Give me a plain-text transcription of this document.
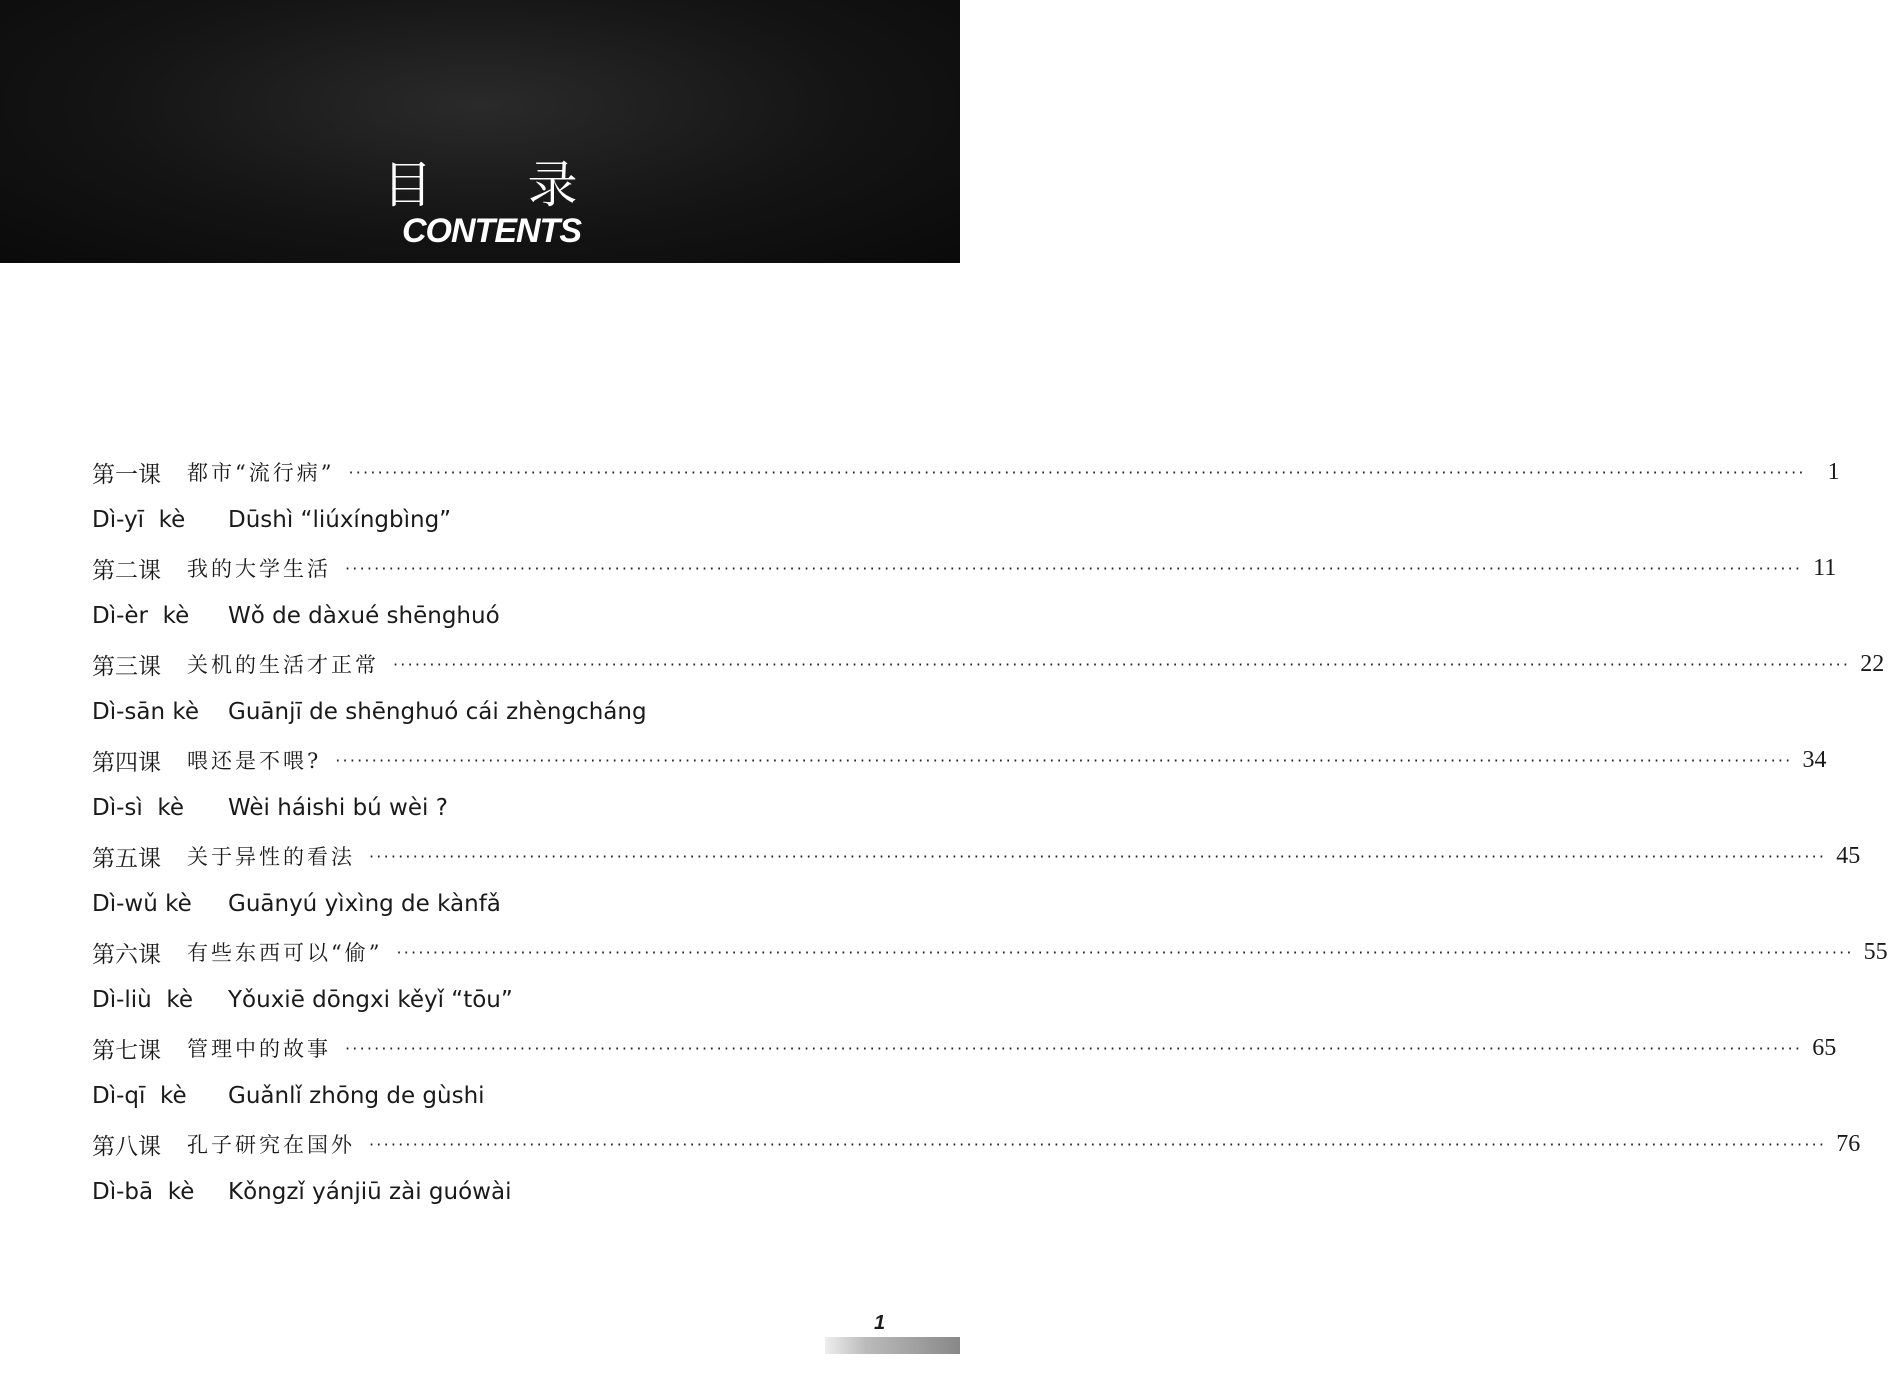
目录
CONTENTS
第 一 课 都市“流行病” ········································································································································································································ 1
Dì-yī  kè	Dūshì “liúxíngbìng”
第 二 课 我的大学生活 ········································································································································································································ 11
Dì-èr  kè	Wǒ de dàxué shēnghuó
第 三 课 关机的生活才正常 ········································································································································································································ 22
Dì-sān kè	Guānjī de shēnghuó cái zhèngcháng
第 四 课 喂还是不喂? ········································································································································································································ 34
Dì-sì  kè	Wèi háishi bú wèi ?
第 五 课 关于异性的看法 ········································································································································································································ 45
Dì-wǔ kè	Guānyú yìxìng de kànfǎ
第 六 课 有些东西可以“偷” ········································································································································································································ 55
Dì-liù  kè	Yǒuxiē dōngxi kěyǐ “tōu”
第 七 课 管理中的故事 ········································································································································································································ 65
Dì-qī  kè	Guǎnlǐ zhōng de gùshi
第 八 课 孔子研究在国外 ········································································································································································································ 76
Dì-bā  kè	Kǒngzǐ yánjiū zài guówài
1
